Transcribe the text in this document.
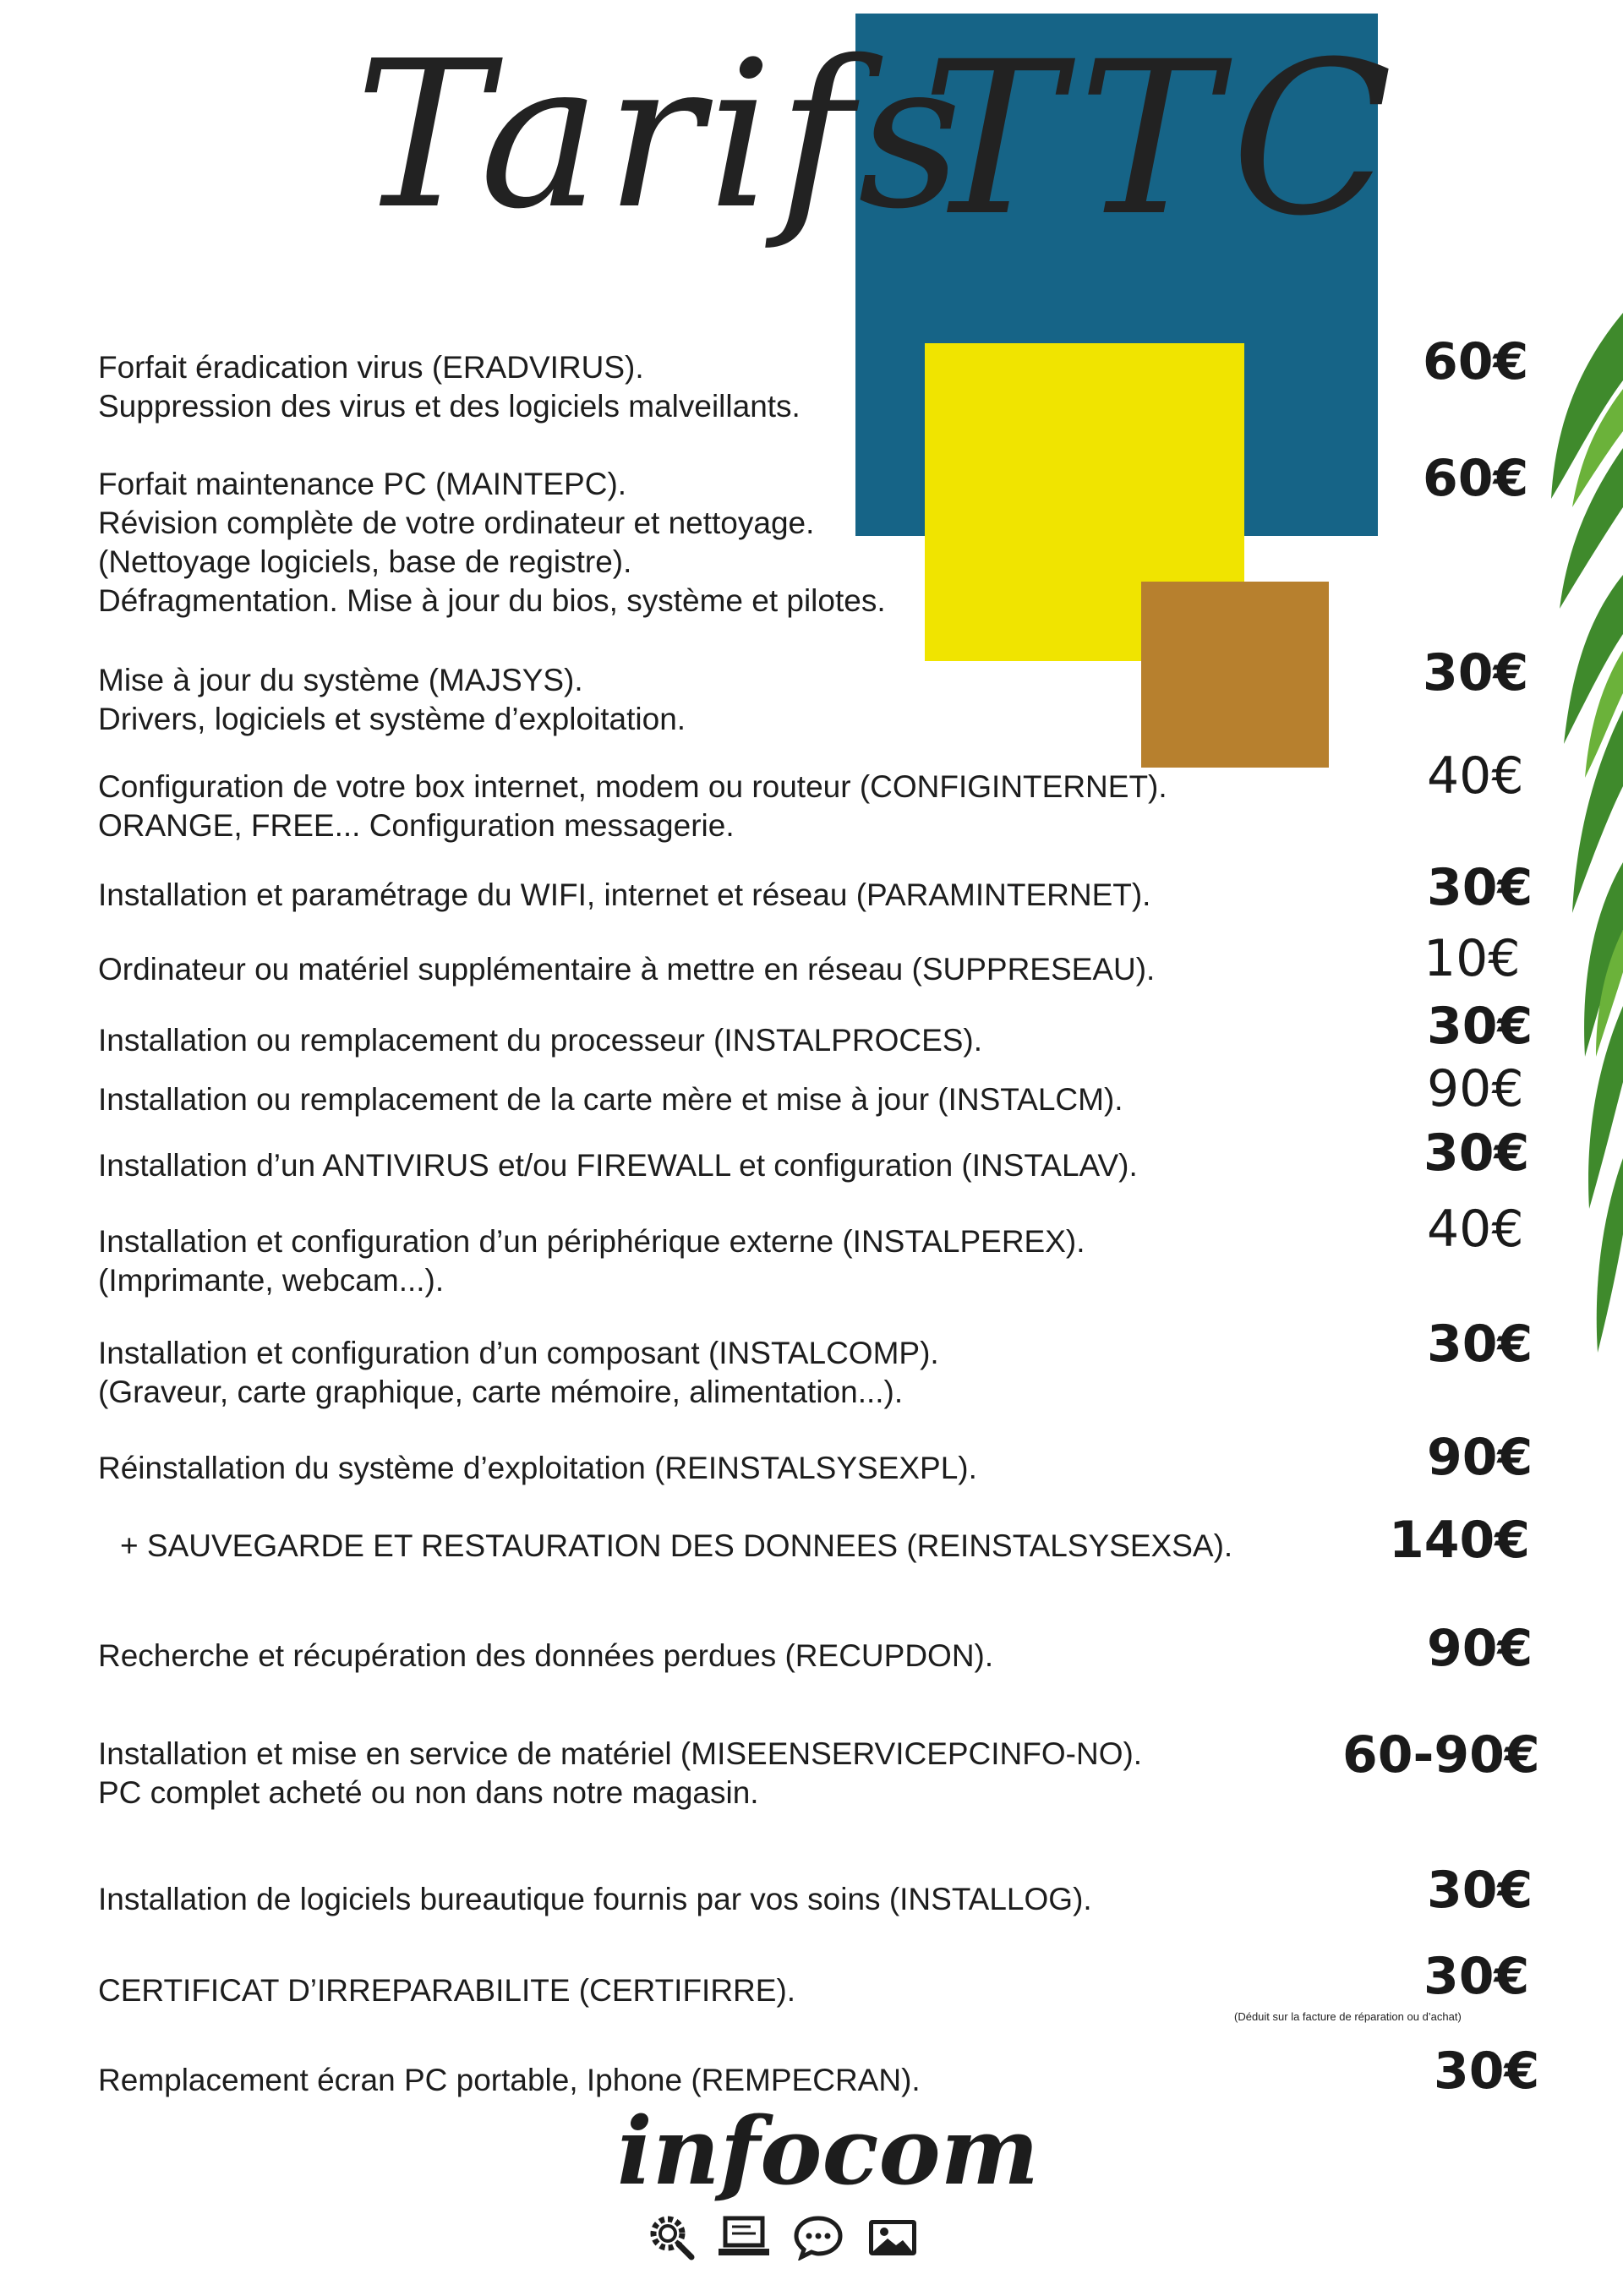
Tarifs
TTC
Forfait éradication virus (ERADVIRUS).
Suppression des virus et des logiciels malveillants.
60€
Forfait maintenance PC (MAINTEPC).
Révision complète de votre ordinateur et nettoyage.
(Nettoyage logiciels, base de registre).
Défragmentation. Mise à jour du bios, système et pilotes.
60€
Mise à jour du système (MAJSYS).
Drivers, logiciels et système d’exploitation.
30€
Configuration de votre box internet, modem ou routeur (CONFIGINTERNET).
ORANGE, FREE... Configuration messagerie.
40€
Installation et paramétrage du WIFI, internet et réseau (PARAMINTERNET).	30€
Ordinateur ou matériel supplémentaire à mettre en réseau (SUPPRESEAU).	10€
Installation ou remplacement du processeur (INSTALPROCES).	30€
Installation ou remplacement de la carte mère et mise à jour (INSTALCM).	90€
Installation d’un ANTIVIRUS et/ou FIREWALL et configuration (INSTALAV).	30€
Installation et configuration d’un périphérique externe (INSTALPEREX).
(Imprimante, webcam...).
40€
Installation et configuration d’un composant (INSTALCOMP).
(Graveur, carte graphique, carte mémoire, alimentation...).
30€
Réinstallation du système d’exploitation (REINSTALSYSEXPL).	90€
+ SAUVEGARDE ET RESTAURATION DES DONNEES (REINSTALSYSEXSA).	140€
Recherche et récupération des données perdues (RECUPDON).	90€
Installation et mise en service de matériel (MISEENSERVICEPCINFO-NO).
PC complet acheté ou non dans notre magasin.
60-90€
Installation de logiciels bureautique fournis par vos soins (INSTALLOG).	30€
CERTIFICAT D’IRREPARABILITE (CERTIFIRRE).	30€
(Déduit sur la facture de réparation ou d’achat)
Remplacement écran PC portable, Iphone (REMPECRAN).	30€
infocom
